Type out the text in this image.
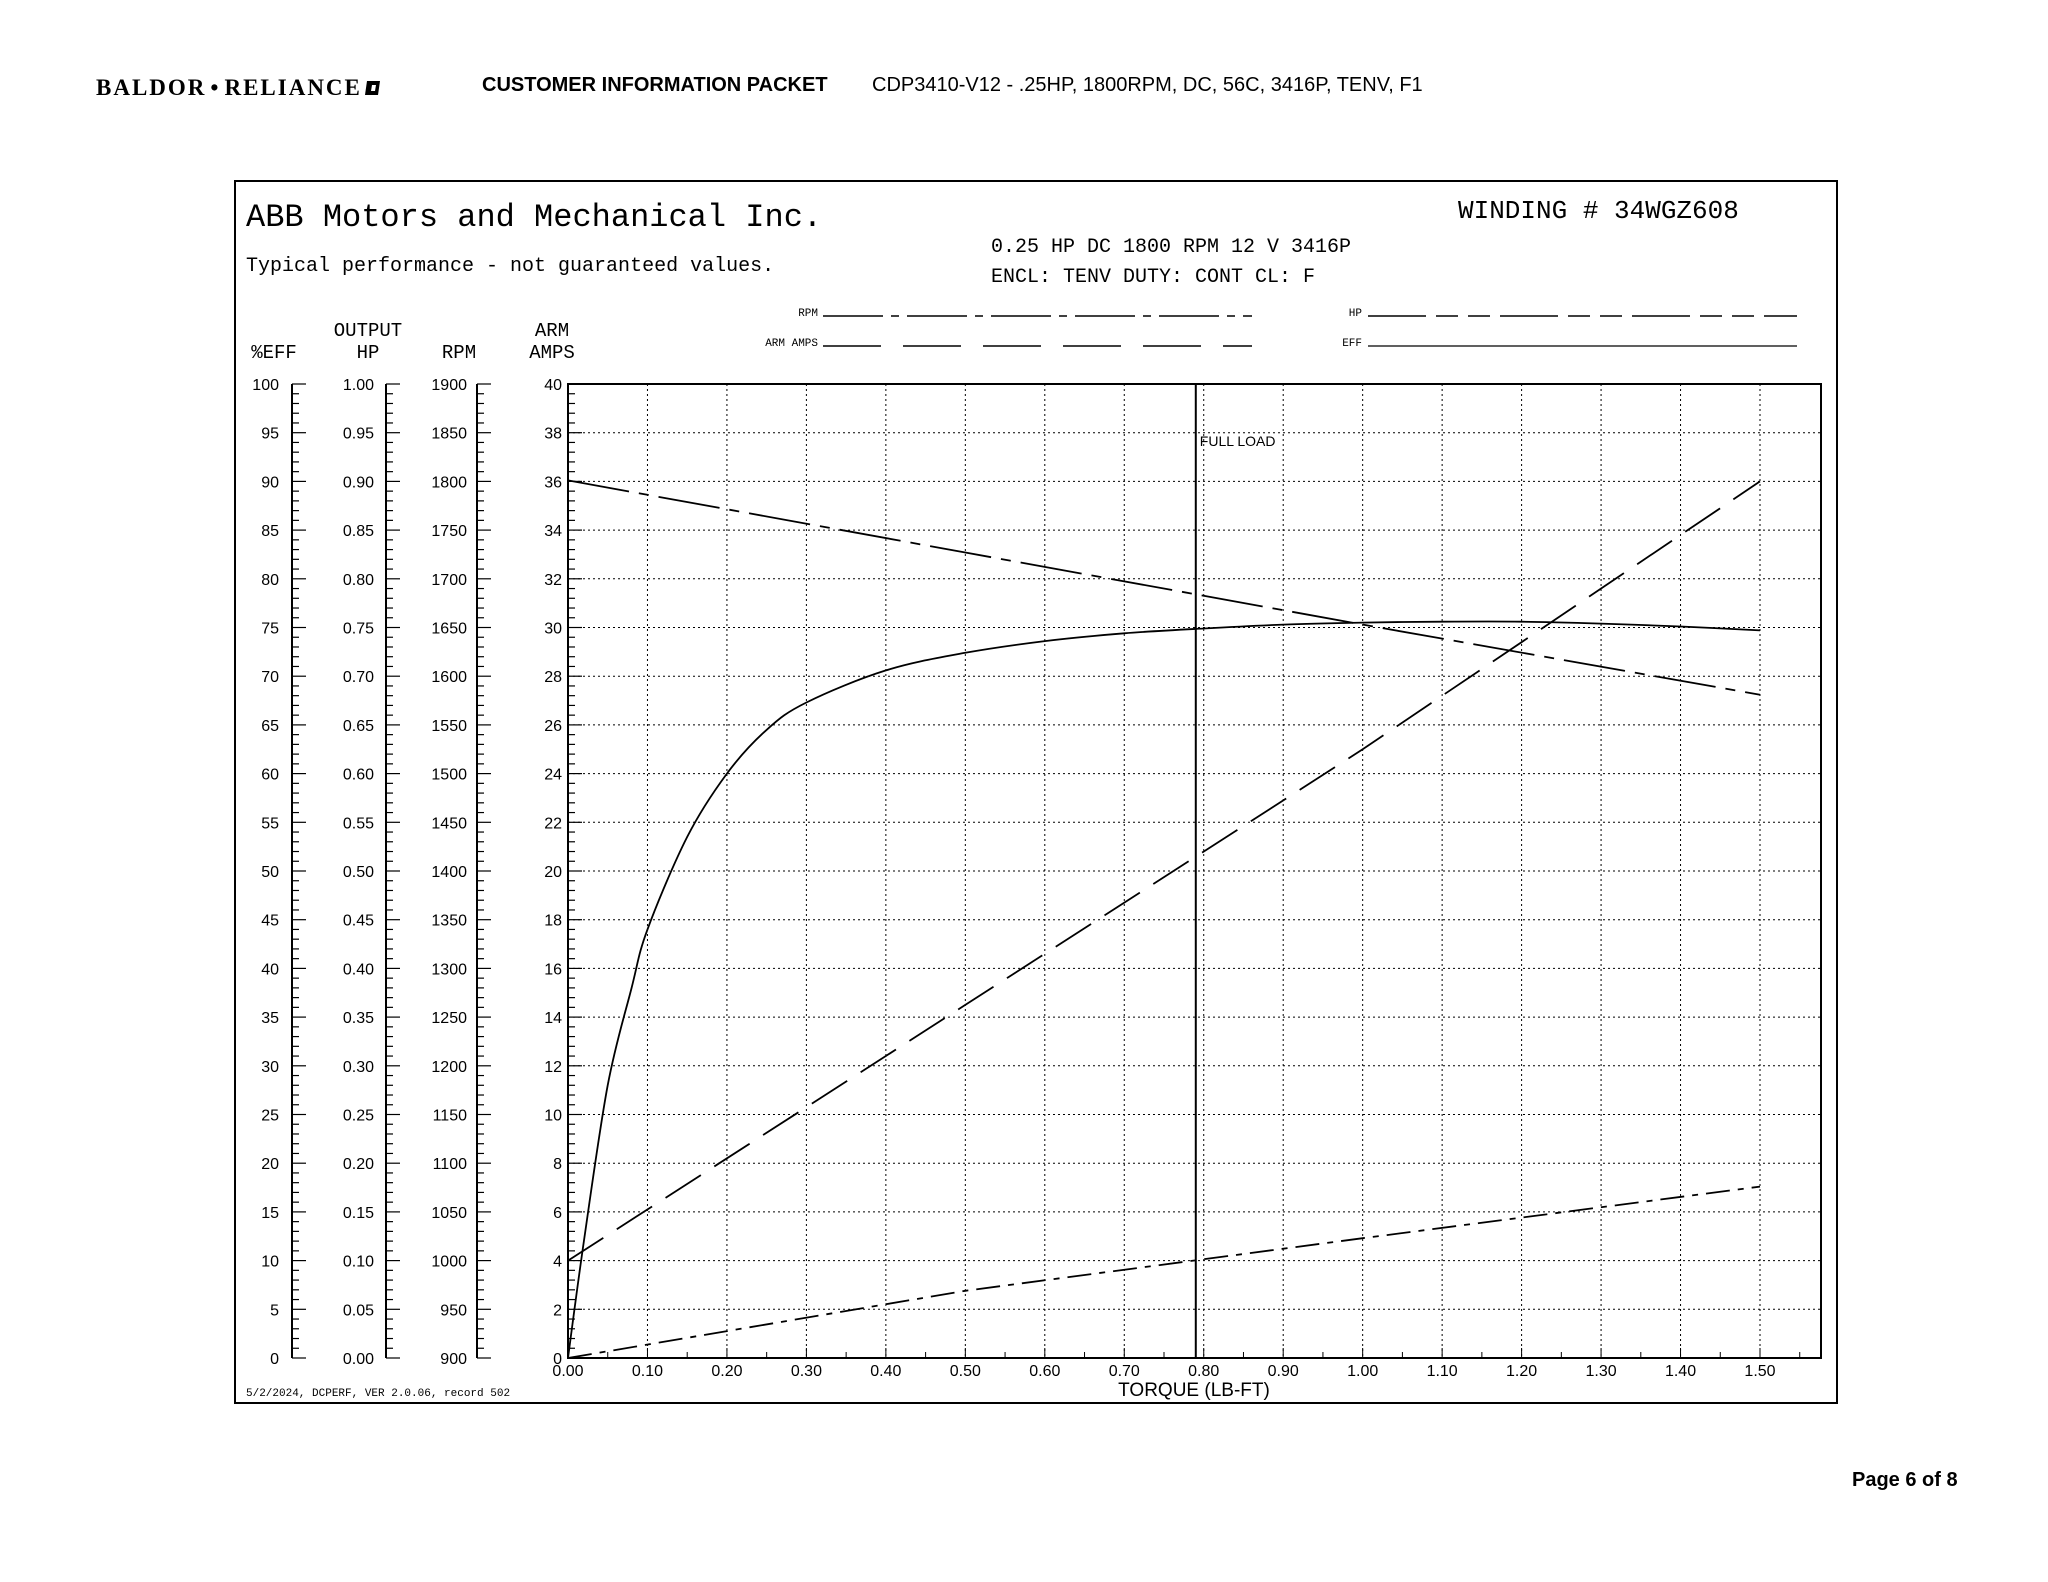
BALDOR • RELIANCE	CUSTOMER INFORMATION PACKET CDP3410-V12 - .25HP, 1800RPM, DC, 56C, 3416P, TENV, F1
ABB Motors and Mechanical Inc.
Typical performance - not guaranteed values.
WINDING # 34WGZ608
0.25 HP DC 1800 RPM 12 V 3416P
ENCL: TENV DUTY: CONT CL: F
RPM
ARM AMPS
HP
EFF
%EFF
OUTPUT
HP	RPM
ARM
AMPS
0.00	0.10	0.20	0.30	0.40	0.50	0.60	0.70	0.80	0.90	1.00	1.10	1.20	1.30	1.40	1.50
TORQUE (LB-FT)
5/2/2024, DCPERF, VER 2.0.06, record 502
0
5
10
15
20
25
30
35
40
45
50
55
60
65
70
75
80
85
90
95
100
0.00
0.05
0.10
0.15
0.20
0.25
0.30
0.35
0.40
0.45
0.50
0.55
0.60
0.65
0.70
0.75
0.80
0.85
0.90
0.95
1.00
900
950
1000
1050
1100
1150
1200
1250
1300
1350
1400
1450
1500
1550
1600
1650
1700
1750
1800
1850
1900
0
2
4
6
8
10
12
14
16
18
20
22
24
26
28
30
32
34
36
38
40
FULL LOAD
Page 6 of 8
